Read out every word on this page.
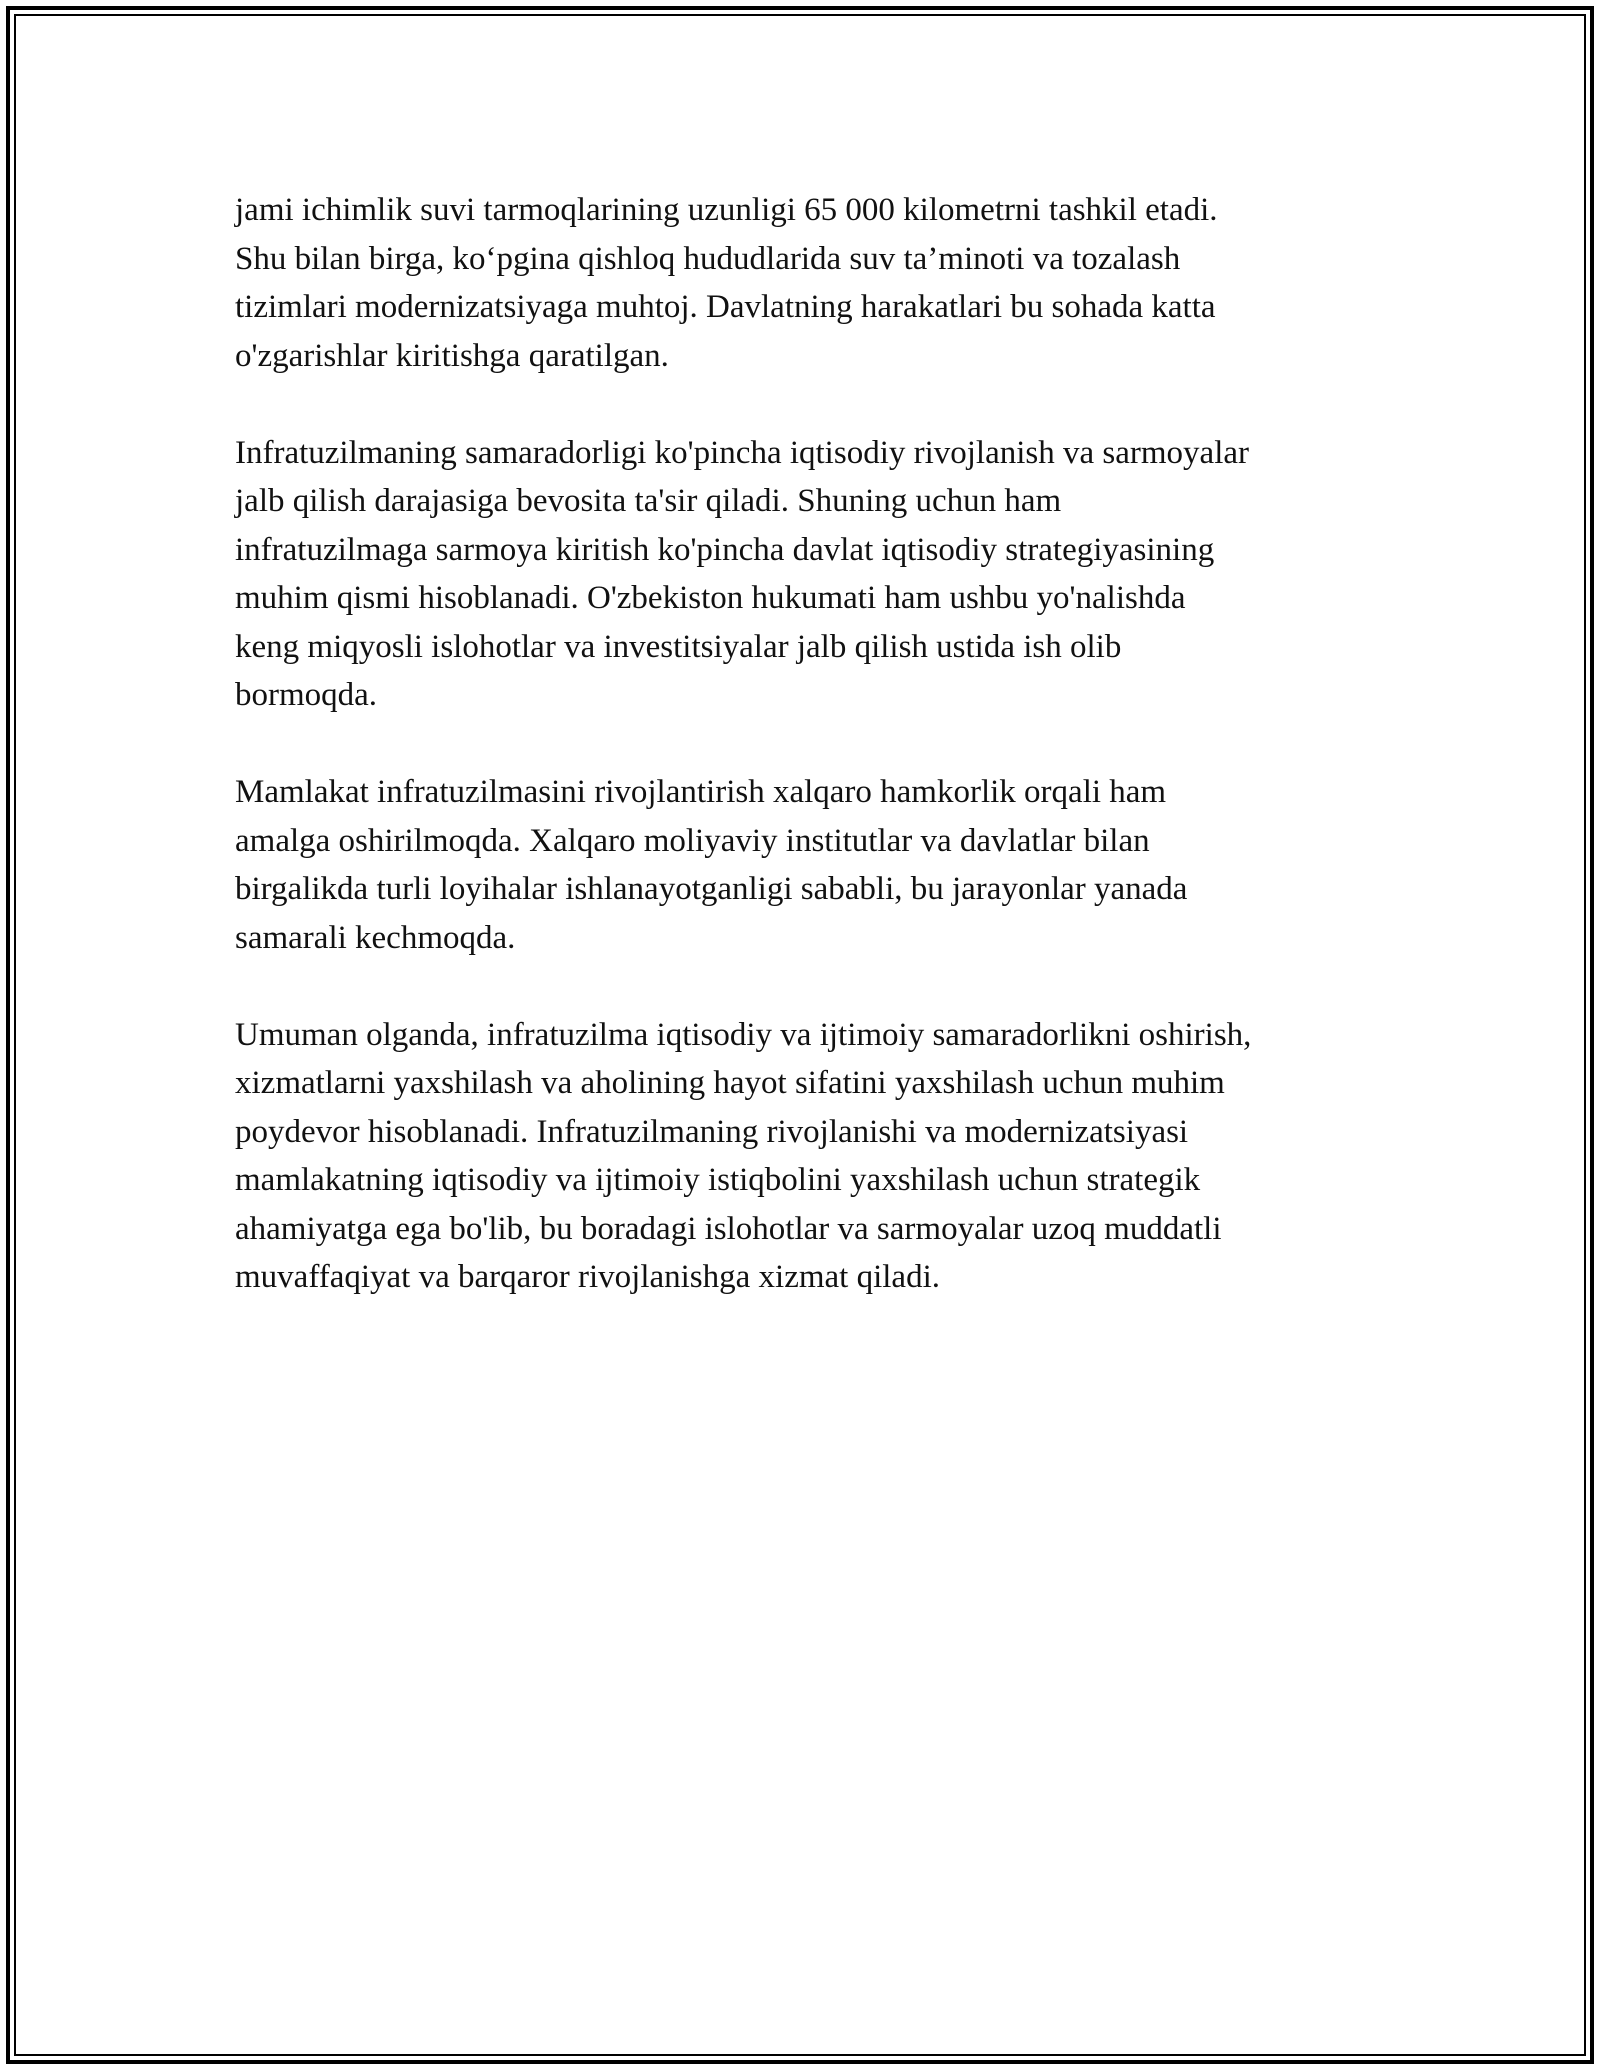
jami ichimlik suvi tarmoqlarining uzunligi 65 000 kilometrni tashkil etadi.
Shu bilan birga, ko‘pgina qishloq hududlarida suv ta’minoti va tozalash
tizimlari modernizatsiyaga muhtoj. Davlatning harakatlari bu sohada katta
o'zgarishlar kiritishga qaratilgan.

Infratuzilmaning samaradorligi ko'pincha iqtisodiy rivojlanish va sarmoyalar
jalb qilish darajasiga bevosita ta'sir qiladi. Shuning uchun ham
infratuzilmaga sarmoya kiritish ko'pincha davlat iqtisodiy strategiyasining
muhim qismi hisoblanadi. O'zbekiston hukumati ham ushbu yo'nalishda
keng miqyosli islohotlar va investitsiyalar jalb qilish ustida ish olib
bormoqda.

Mamlakat infratuzilmasini rivojlantirish xalqaro hamkorlik orqali ham
amalga oshirilmoqda. Xalqaro moliyaviy institutlar va davlatlar bilan
birgalikda turli loyihalar ishlanayotganligi sababli, bu jarayonlar yanada
samarali kechmoqda.

Umuman olganda, infratuzilma iqtisodiy va ijtimoiy samaradorlikni oshirish,
xizmatlarni yaxshilash va aholining hayot sifatini yaxshilash uchun muhim
poydevor hisoblanadi. Infratuzilmaning rivojlanishi va modernizatsiyasi
mamlakatning iqtisodiy va ijtimoiy istiqbolini yaxshilash uchun strategik
ahamiyatga ega bo'lib, bu boradagi islohotlar va sarmoyalar uzoq muddatli
muvaffaqiyat va barqaror rivojlanishga xizmat qiladi.
